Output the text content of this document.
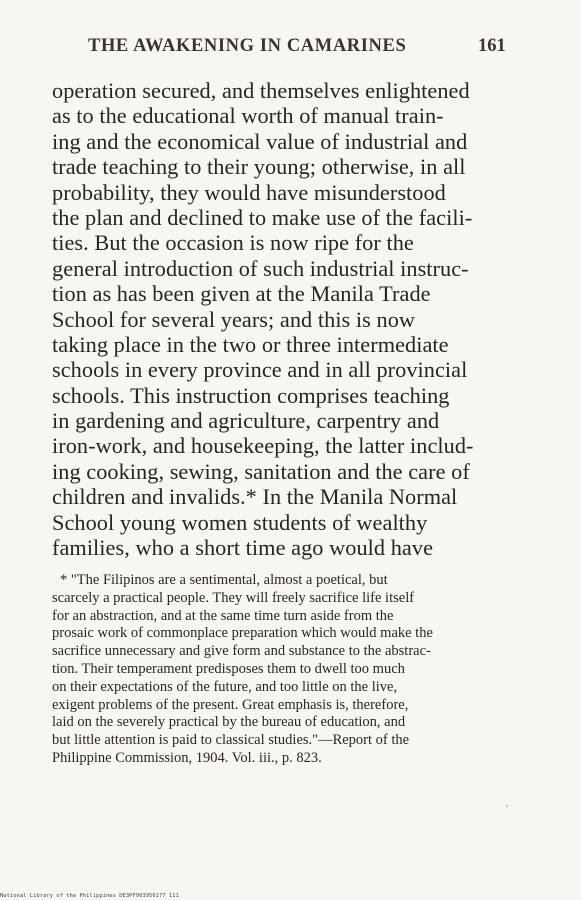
THE AWAKENING IN CAMARINES	161
operation secured, and themselves enlightened
as to the educational worth of manual train-
ing and the economical value of industrial and
trade teaching to their young; otherwise, in all
probability, they would have misunderstood
the plan and declined to make use of the facili-
ties. But the occasion is now ripe for the
general introduction of such industrial instruc-
tion as has been given at the Manila Trade
School for several years; and this is now
taking place in the two or three intermediate
schools in every province and in all provincial
schools. This instruction comprises teaching
in gardening and agriculture, carpentry and
iron-work, and housekeeping, the latter includ-
ing cooking, sewing, sanitation and the care of
children and invalids.* In the Manila Normal
School young women students of wealthy
families, who a short time ago would have
* "The Filipinos are a sentimental, almost a poetical, but
scarcely a practical people. They will freely sacrifice life itself
for an abstraction, and at the same time turn aside from the
prosaic work of commonplace preparation which would make the
sacrifice unnecessary and give form and substance to the abstrac-
tion. Their temperament predisposes them to dwell too much
on their expectations of the future, and too little on the live,
exigent problems of the present. Great emphasis is, therefore,
laid on the severely practical by the bureau of education, and
but little attention is paid to classical studies."—Report of the
Philippine Commission, 1904. Vol. iii., p. 823.
National Library of the Philippines DE3PF903956177 111
